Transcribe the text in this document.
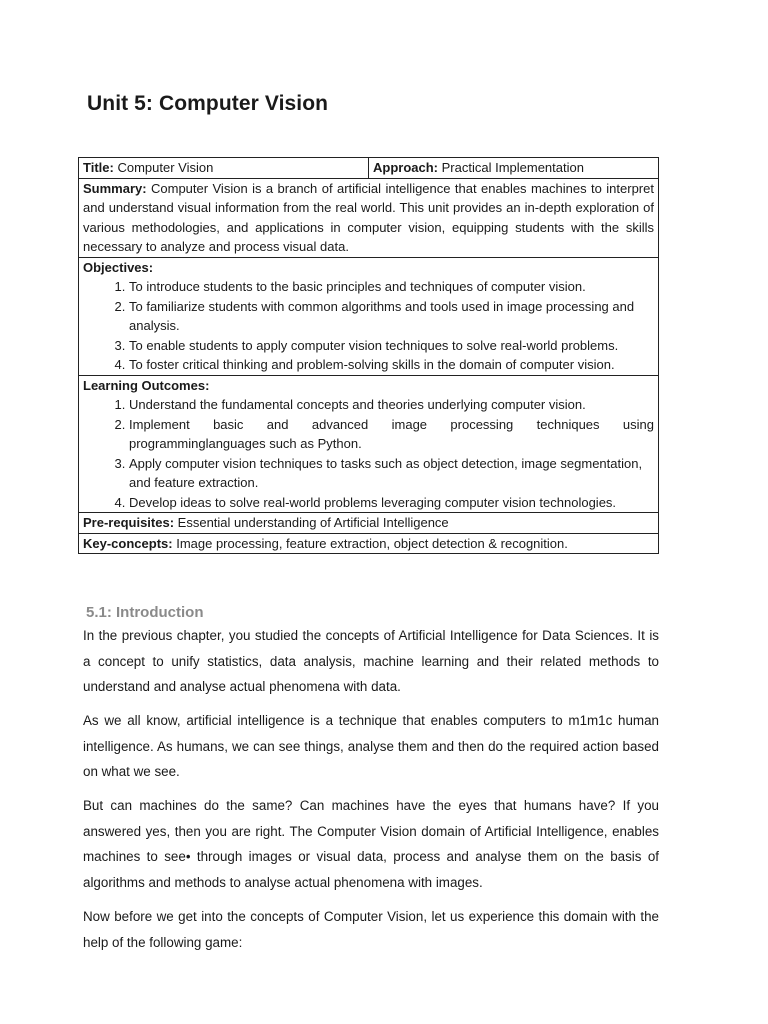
Unit 5: Computer Vision
Title: Computer Vision	Approach: Practical Implementation
Summary: Computer Vision is a branch of artificial intelligence that enables machines to interpret and understand visual information from the real world. This unit provides an in-depth exploration of various methodologies, and applications in computer vision, equipping students with the skills necessary to analyze and process visual data.

Objectives:
1. To introduce students to the basic principles and techniques of computer vision.
2. To familiarize students with common algorithms and tools used in image processing and analysis.
3. To enable students to apply computer vision techniques to solve real-world problems.
4. To foster critical thinking and problem-solving skills in the domain of computer vision.

Learning Outcomes:
1. Understand the fundamental concepts and theories underlying computer vision.
2. Implement basic and advanced image processing techniques using programminglanguages such as Python.
3. Apply computer vision techniques to tasks such as object detection, image segmentation, and feature extraction.
4. Develop ideas to solve real-world problems leveraging computer vision technologies.

Pre-requisites: Essential understanding of Artificial Intelligence
Key-concepts: Image processing, feature extraction, object detection & recognition.
5.1: Introduction

In the previous chapter, you studied the concepts of Artificial Intelligence for Data Sciences. It is a concept to unify statistics, data analysis, machine learning and their related methods to understand and analyse actual phenomena with data.

As we all know, artificial intelligence is a technique that enables computers to m1m1c human intelligence. As humans, we can see things, analyse them and then do the required action based on what we see.

But can machines do the same? Can machines have the eyes that humans have? If you answered yes, then you are right. The Computer Vision domain of Artificial Intelligence, enables machines to see• through images or visual data, process and analyse them on the basis of algorithms and methods to analyse actual phenomena with images.

Now before we get into the concepts of Computer Vision, let us experience this domain with the help of the following game:
